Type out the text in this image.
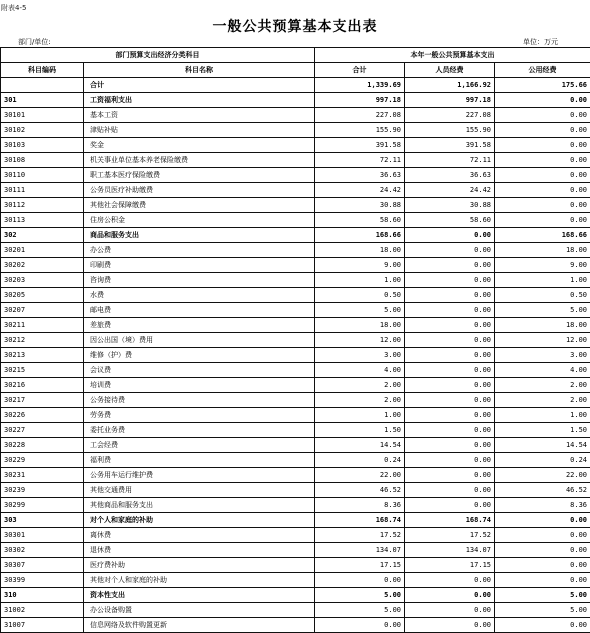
附表4-5
一般公共预算基本支出表
部门/单位:	单位：万元
部门预算支出经济分类科目		本年一般公共预算基本支出		
科目编码	科目名称	合计	人员经费	公用经费
	合计	1,339.69	1,166.92	175.66
301	工资福利支出	997.18	997.18	0.00
30101	基本工资	227.08	227.08	0.00
30102	津贴补贴	155.90	155.90	0.00
30103	奖金	391.58	391.58	0.00
30108	机关事业单位基本养老保险缴费	72.11	72.11	0.00
30110	职工基本医疗保险缴费	36.63	36.63	0.00
30111	公务员医疗补助缴费	24.42	24.42	0.00
30112	其他社会保障缴费	30.88	30.88	0.00
30113	住房公积金	58.60	58.60	0.00
302	商品和服务支出	168.66	0.00	168.66
30201	办公费	18.00	0.00	18.00
30202	印刷费	9.00	0.00	9.00
30203	咨询费	1.00	0.00	1.00
30205	水费	0.50	0.00	0.50
30207	邮电费	5.00	0.00	5.00
30211	差旅费	18.00	0.00	18.00
30212	因公出国（境）费用	12.00	0.00	12.00
30213	维修（护）费	3.00	0.00	3.00
30215	会议费	4.00	0.00	4.00
30216	培训费	2.00	0.00	2.00
30217	公务接待费	2.00	0.00	2.00
30226	劳务费	1.00	0.00	1.00
30227	委托业务费	1.50	0.00	1.50
30228	工会经费	14.54	0.00	14.54
30229	福利费	0.24	0.00	0.24
30231	公务用车运行维护费	22.00	0.00	22.00
30239	其他交通费用	46.52	0.00	46.52
30299	其他商品和服务支出	8.36	0.00	8.36
303	对个人和家庭的补助	168.74	168.74	0.00
30301	离休费	17.52	17.52	0.00
30302	退休费	134.07	134.07	0.00
30307	医疗费补助	17.15	17.15	0.00
30399	其他对个人和家庭的补助	0.00	0.00	0.00
310	资本性支出	5.00	0.00	5.00
31002	办公设备购置	5.00	0.00	5.00
31007	信息网络及软件购置更新	0.00	0.00	0.00
